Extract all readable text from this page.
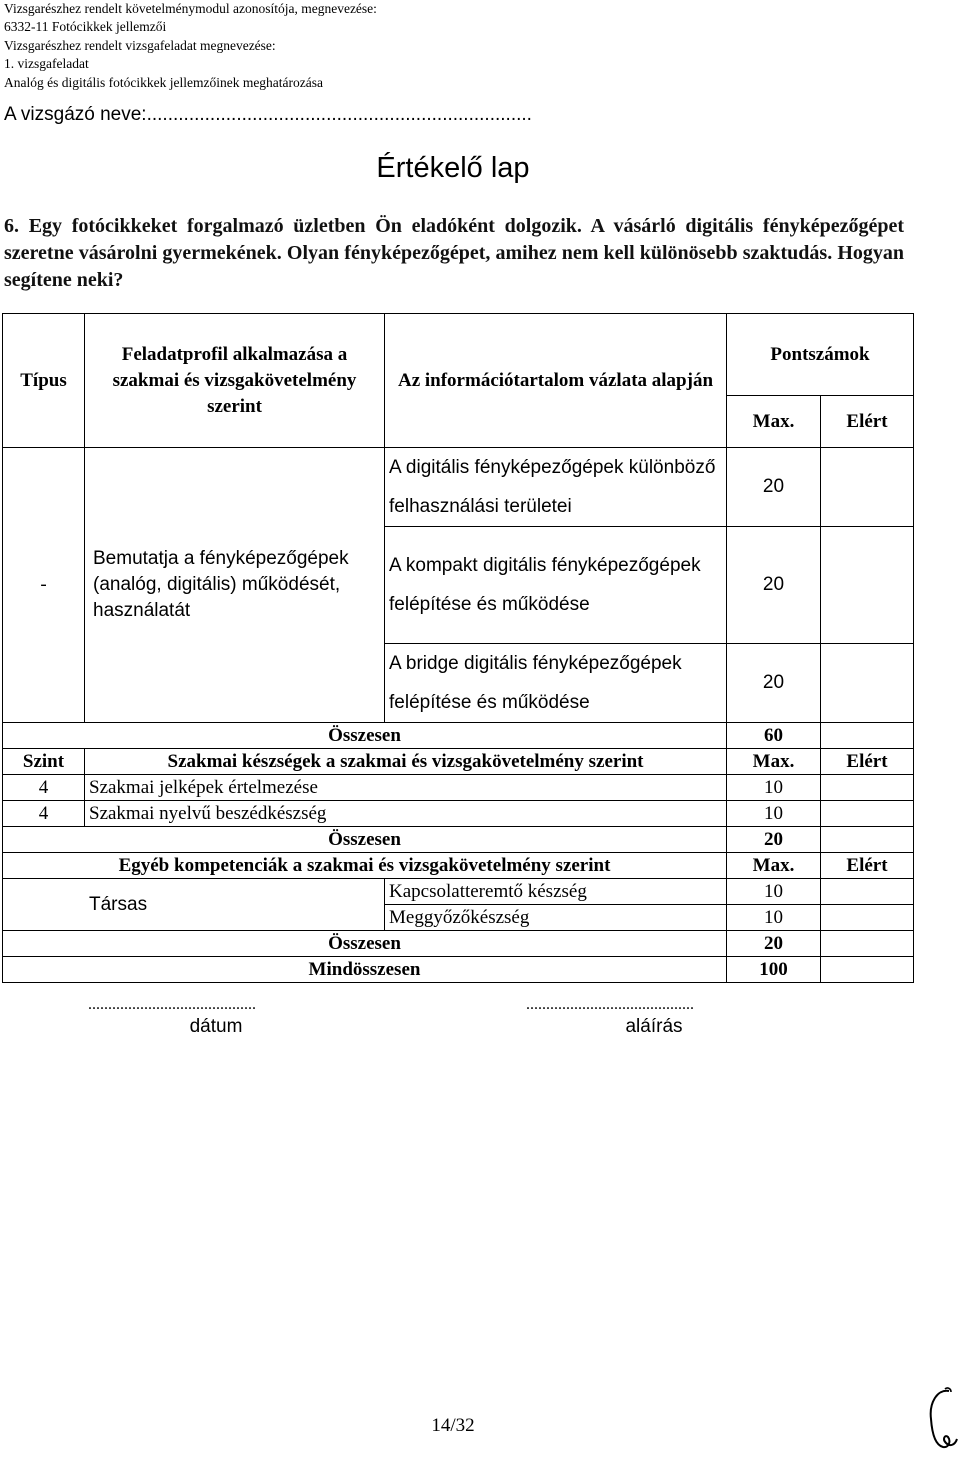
Vizsgarészhez rendelt követelménymodul azonosítója, megnevezése:
6332-11 Fotócikkek jellemzői
Vizsgarészhez rendelt vizsgafeladat megnevezése:
1. vizsgafeladat
Analóg és digitális fotócikkek jellemzőinek meghatározása
A vizsgázó neve:.........................................................................
Értékelő lap
6. Egy fotócikkeket forgalmazó üzletben Ön eladóként dolgozik. A vásárló digitális fényképezőgépet szeretne vásárolni gyermekének. Olyan fényképezőgépet, amihez nem kell különösebb szaktudás. Hogyan segítene neki?
Típus	Feladatprofil alkalmazása a szakmai és vizsgakövetelmény szerint	Az információtartalom vázlata alapján	Pontszámok	
			Max.	Elért
-	Bemutatja a fényképezőgépek (analóg, digitális) működését, használatát	A digitális fényképezőgépek különböző felhasználási területei	20	
		A kompakt digitális fényképezőgépek felépítése és működése	20	
		A bridge digitális fényképezőgépek felépítése és működése	20	
Összesen			60	
Szint	Szakmai készségek a szakmai és vizsgakövetelmény szerint		Max.	Elért
4	Szakmai jelképek értelmezése		10	
4	Szakmai nyelvű beszédkészség		10	
Összesen			20	
Egyéb kompetenciák a szakmai és vizsgakövetelmény szerint			Max.	Elért
Társas		Kapcsolatteremtő készség	10	
		Meggyőzőkészség	10	
Összesen			20	
Mindösszesen			100	
..........................................
dátum
..........................................
aláírás
14/32
